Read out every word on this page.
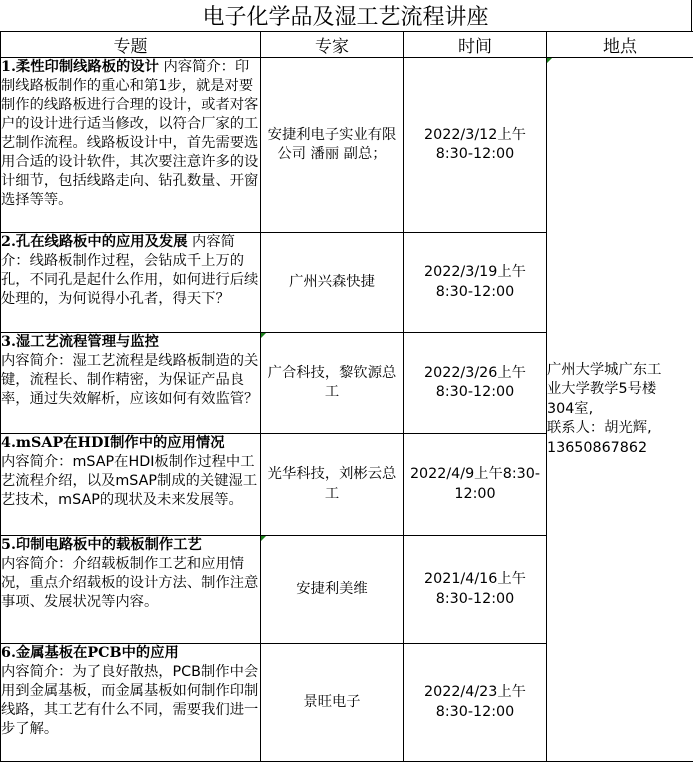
电子化学品及湿工艺流程讲座
专题	专家	时间	地点
1.柔性印制线路板的设计 内容简介：印制线路板制作的重心和第1步，就是对要制作的线路板进行合理的设计，或者对客户的设计进行适当修改，以符合厂家的工艺制作流程。线路板设计中，首先需要选用合适的设计软件，其次要注意许多的设计细节，包括线路走向、钻孔数量、开窗选择等等。	安捷利电子实业有限公司 潘丽 副总；	2022/3/12上午
8:30-12:00	广州大学城广东工
业大学教学5号楼
304室,
联系人：胡光辉,
13650867862
2.孔在线路板中的应用及发展 内容简介：线路板制作过程，会钻成千上万的孔，不同孔是起什么作用，如何进行后续处理的，为何说得小孔者，得天下？	广州兴森快捷	2022/3/19上午
8:30-12:00	
3.湿工艺流程管理与监控
内容简介：湿工艺流程是线路板制造的关键，流程长、制作精密，为保证产品良率，通过失效解析，应该如何有效监管？	广合科技，黎钦源总工	2022/3/26上午
8:30-12:00	
4.mSAP在HDI制作中的应用情况
内容简介：mSAP在HDI板制作过程中工艺流程介绍，以及mSAP制成的关键湿工艺技术，mSAP的现状及未来发展等。	光华科技，刘彬云总工	2022/4/9上午8:30-
12:00	
5.印制电路板中的载板制作工艺
内容简介：介绍载板制作工艺和应用情况，重点介绍载板的设计方法、制作注意事项、发展状况等内容。	安捷利美维	2021/4/16上午
8:30-12:00	
6.金属基板在PCB中的应用
内容简介：为了良好散热，PCB制作中会用到金属基板，而金属基板如何制作印制线路，其工艺有什么不同，需要我们进一步了解。	景旺电子	2022/4/23上午
8:30-12:00	
